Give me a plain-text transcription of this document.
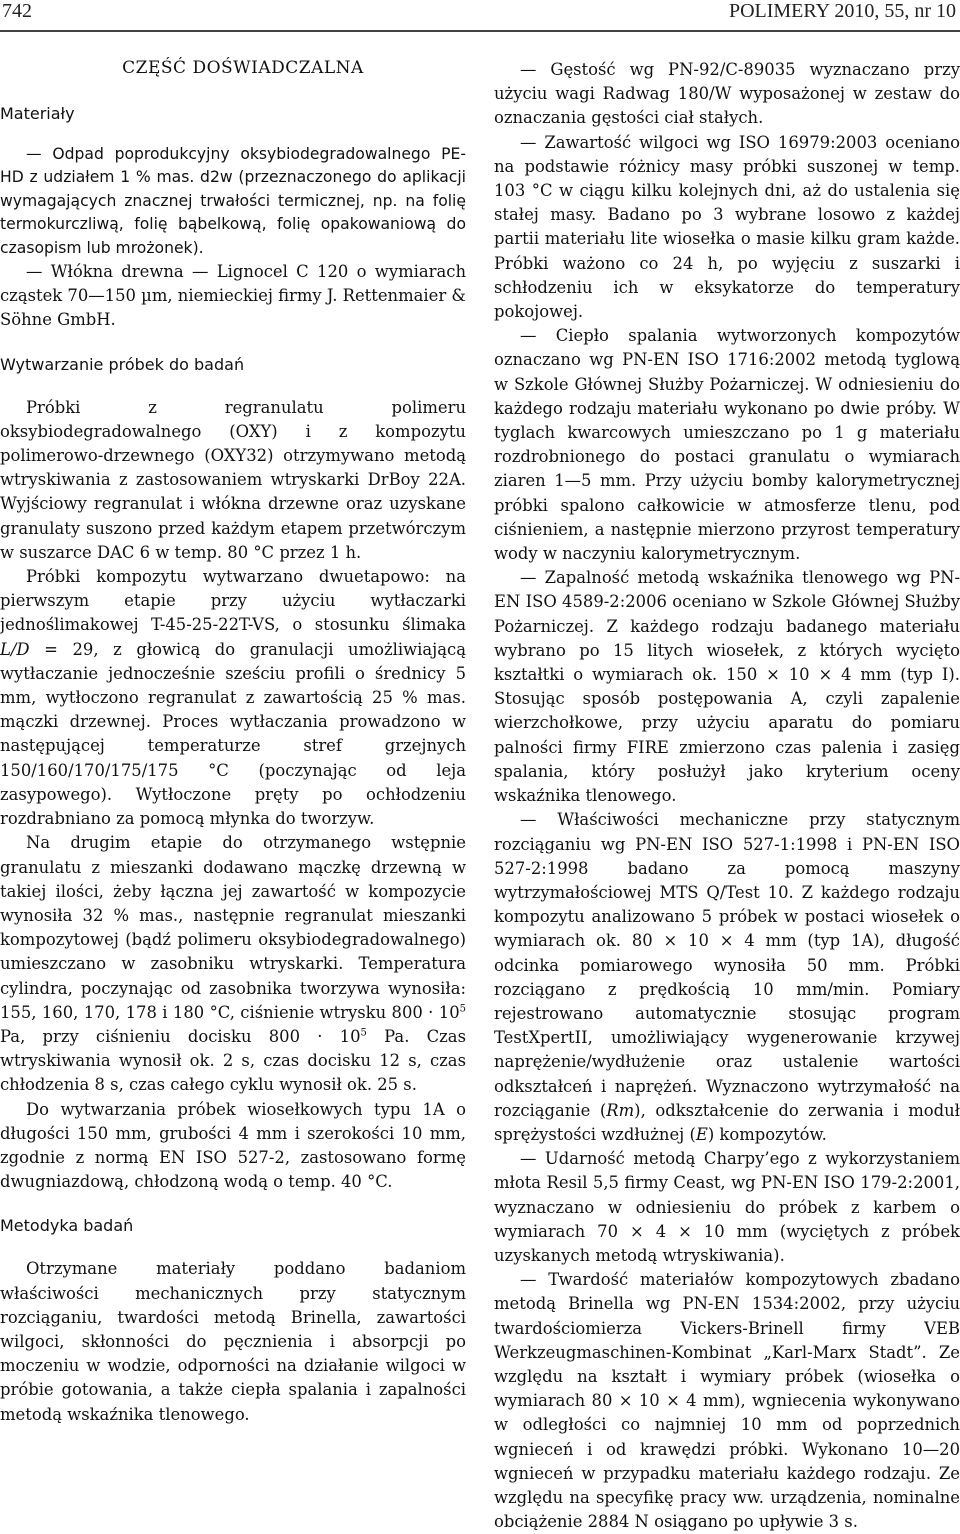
742	POLIMERY 2010, 55, nr 10
CZĘŚĆ DOŚWIADCZALNA
Materiały

— Odpad poprodukcyjny oksybiodegradowalnego PE-HD z udziałem 1 % mas. d2w (przeznaczonego do aplikacji wymagających znacznej trwałości termicznej, np. na folię termokurczliwą, folię bąbelkową, folię opakowaniową do czasopism lub mrożonek).

— Włókna drewna — Lignocel C 120 o wymiarach cząstek 70—150 µm, niemieckiej firmy J. Rettenmaier & Söhne GmbH.

Wytwarzanie próbek do badań

Próbki z regranulatu polimeru oksybiodegradowalnego (OXY) i z kompozytu polimerowo-drzewnego (OXY32) otrzymywano metodą wtryskiwania z zastosowaniem wtryskarki DrBoy 22A. Wyjściowy regranulat i włókna drzewne oraz uzyskane granulaty suszono przed każdym etapem przetwórczym w suszarce DAC 6 w temp. 80 °C przez 1 h.

Próbki kompozytu wytwarzano dwuetapowo: na pierwszym etapie przy użyciu wytłaczarki jednoślimakowej T-45-25-22T-VS, o stosunku ślimaka L/D = 29, z głowicą do granulacji umożliwiającą wytłaczanie jednocześnie sześciu profili o średnicy 5 mm, wytłoczono regranulat z zawartością 25 % mas. mączki drzewnej. Proces wytłaczania prowadzono w następującej temperaturze stref grzejnych 150/160/170/175/175 °C (poczynając od leja zasypowego). Wytłoczone pręty po ochłodzeniu rozdrabniano za pomocą młynka do tworzyw.

Na drugim etapie do otrzymanego wstępnie granulatu z mieszanki dodawano mączkę drzewną w takiej ilości, żeby łączna jej zawartość w kompozycie wynosiła 32 % mas., następnie regranulat mieszanki kompozytowej (bądź polimeru oksybiodegradowalnego) umieszczano w zasobniku wtryskarki. Temperatura cylindra, poczynając od zasobnika tworzywa wynosiła: 155, 160, 170, 178 i 180 °C, ciśnienie wtrysku $800 \cdot 10^5$ Pa, przy ciśnieniu docisku $800 \cdot 10^5$ Pa. Czas wtryskiwania wynosił ok. 2 s, czas docisku 12 s, czas chłodzenia 8 s, czas całego cyklu wynosił ok. 25 s.

Do wytwarzania próbek wiosełkowych typu 1A o długości 150 mm, grubości 4 mm i szerokości 10 mm, zgodnie z normą EN ISO 527-2, zastosowano formę dwugniazdową, chłodzoną wodą o temp. 40 °C.

Metodyka badań

Otrzymane materiały poddano badaniom właściwości mechanicznych przy statycznym rozciąganiu, twardości metodą Brinella, zawartości wilgoci, skłonności do pęcznienia i absorpcji po moczeniu w wodzie, odporności na działanie wilgoci w próbie gotowania, a także ciepła spalania i zapalności metodą wskaźnika tlenowego.

— Gęstość wg PN-92/C-89035 wyznaczano przy użyciu wagi Radwag 180/W wyposażonej w zestaw do oznaczania gęstości ciał stałych.

— Zawartość wilgoci wg ISO 16979:2003 oceniano na podstawie różnicy masy próbki suszonej w temp. 103 °C w ciągu kilku kolejnych dni, aż do ustalenia się stałej masy. Badano po 3 wybrane losowo z każdej partii materiału lite wiosełka o masie kilku gram każde. Próbki ważono co 24 h, po wyjęciu z suszarki i schłodzeniu ich w eksykatorze do temperatury pokojowej.

— Ciepło spalania wytworzonych kompozytów oznaczano wg PN-EN ISO 1716:2002 metodą tyglową w Szkole Głównej Służby Pożarniczej. W odniesieniu do każdego rodzaju materiału wykonano po dwie próby. W tyglach kwarcowych umieszczano po 1 g materiału rozdrobnionego do postaci granulatu o wymiarach ziaren 1—5 mm. Przy użyciu bomby kalorymetrycznej próbki spalono całkowicie w atmosferze tlenu, pod ciśnieniem, a następnie mierzono przyrost temperatury wody w naczyniu kalorymetrycznym.

— Zapalność metodą wskaźnika tlenowego wg PN-EN ISO 4589-2:2006 oceniano w Szkole Głównej Służby Pożarniczej. Z każdego rodzaju badanego materiału wybrano po 15 litych wiosełek, z których wycięto kształtki o wymiarach ok. 150 × 10 × 4 mm (typ I). Stosując sposób postępowania A, czyli zapalenie wierzchołkowe, przy użyciu aparatu do pomiaru palności firmy FIRE zmierzono czas palenia i zasięg spalania, który posłużył jako kryterium oceny wskaźnika tlenowego.

— Właściwości mechaniczne przy statycznym rozciąganiu wg PN-EN ISO 527-1:1998 i PN-EN ISO 527-2:1998 badano za pomocą maszyny wytrzymałościowej MTS Q/Test 10. Z każdego rodzaju kompozytu analizowano 5 próbek w postaci wiosełek o wymiarach ok. 80 × 10 × 4 mm (typ 1A), długość odcinka pomiarowego wynosiła 50 mm. Próbki rozciągano z prędkością 10 mm/min. Pomiary rejestrowano automatycznie stosując program TestXpertII, umożliwiający wygenerowanie krzywej naprężenie/wydłużenie oraz ustalenie wartości odkształceń i naprężeń. Wyznaczono wytrzymałość na rozciąganie (Rm), odkształcenie do zerwania i moduł sprężystości wzdłużnej (E) kompozytów.

— Udarność metodą Charpy’ego z wykorzystaniem młota Resil 5,5 firmy Ceast, wg PN-EN ISO 179-2:2001, wyznaczano w odniesieniu do próbek z karbem o wymiarach 70 × 4 × 10 mm (wyciętych z próbek uzyskanych metodą wtryskiwania).

— Twardość materiałów kompozytowych zbadano metodą Brinella wg PN-EN 1534:2002, przy użyciu twardościomierza Vickers-Brinell firmy VEB Werkzeugmaschinen-Kombinat „Karl-Marx Stadt”. Ze względu na kształt i wymiary próbek (wiosełka o wymiarach 80 × 10 × 4 mm), wgniecenia wykonywano w odległości co najmniej 10 mm od poprzednich wgnieceń i od krawędzi próbki. Wykonano 10—20 wgnieceń w przypadku materiału każdego rodzaju. Ze względu na specyfikę pracy ww. urządzenia, nominalne obciążenie 2884 N osiągano po upływie 3 s.
